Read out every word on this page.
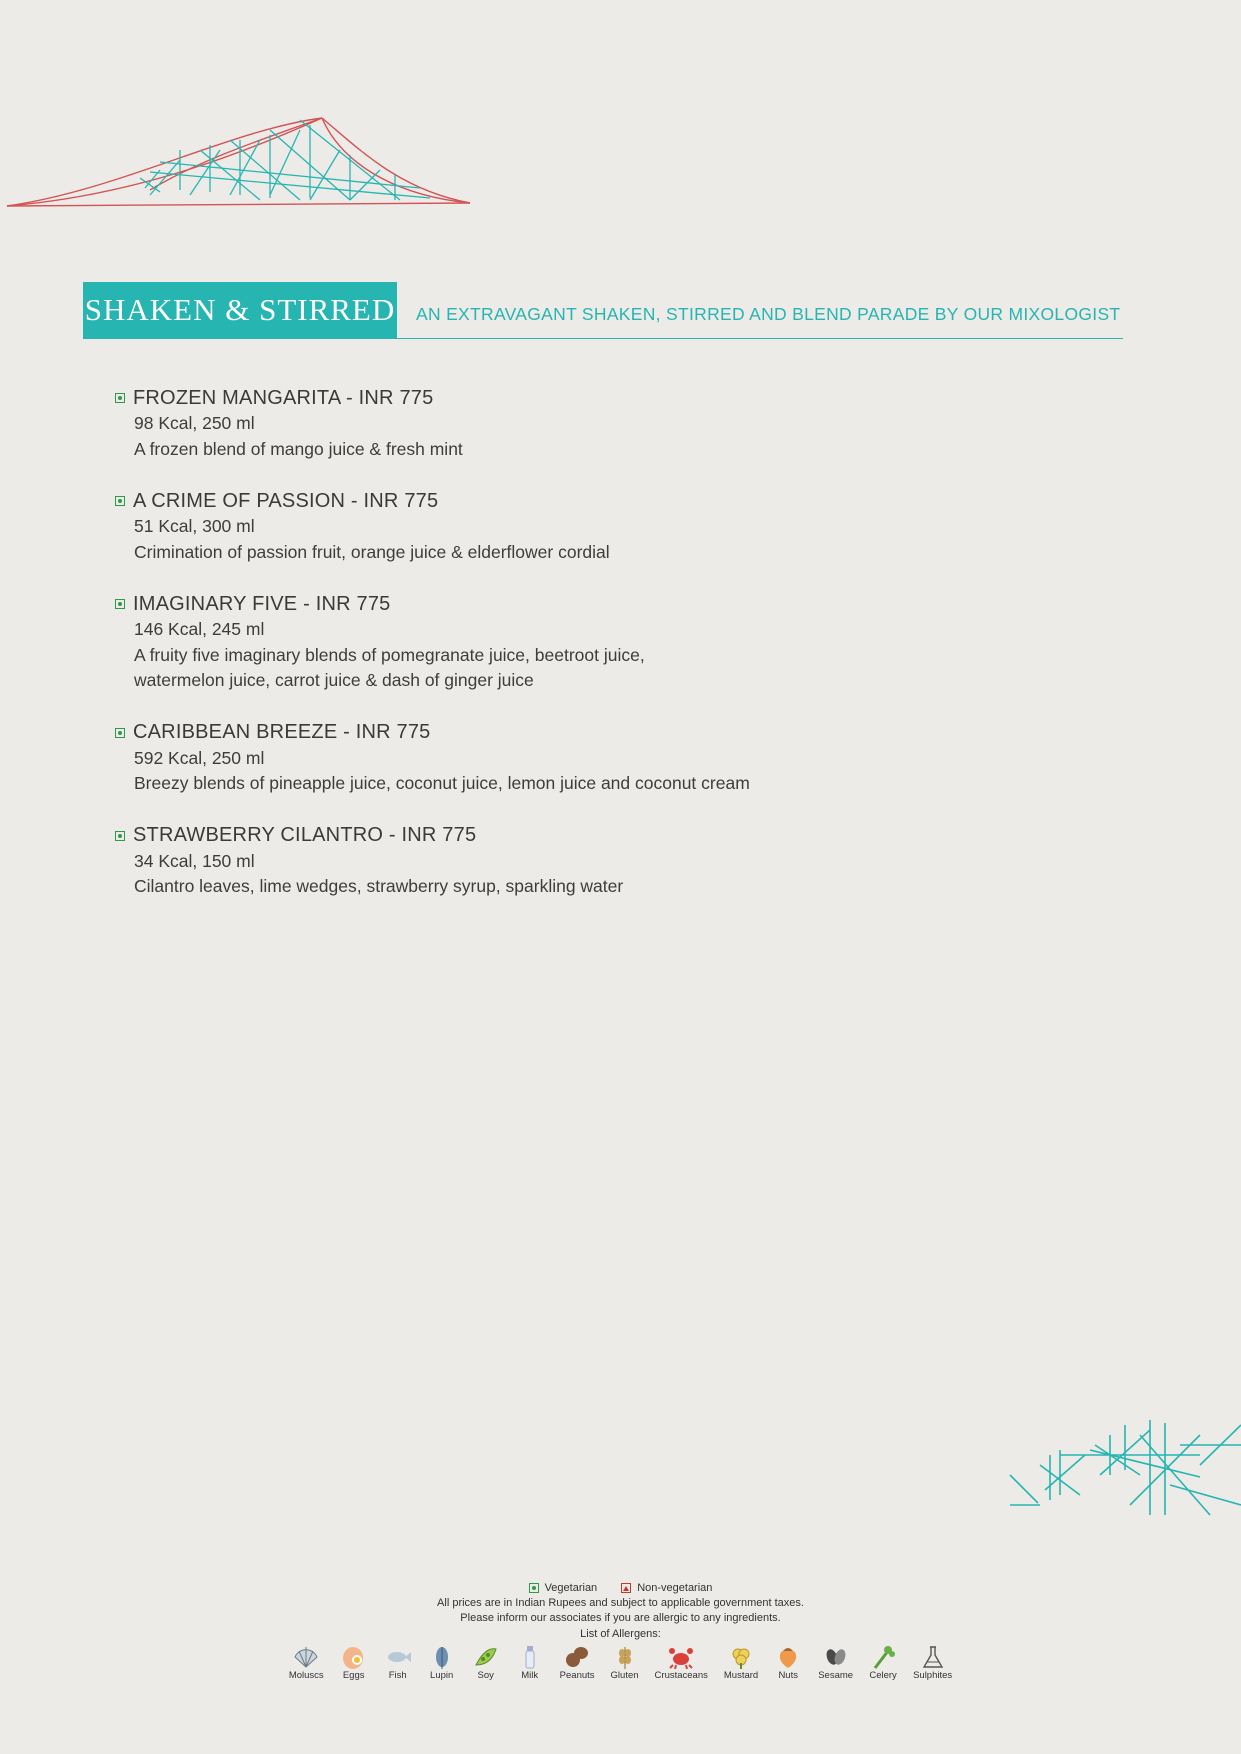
SHAKEN & STIRRED AN EXTRAVAGANT SHAKEN, STIRRED AND BLEND PARADE BY OUR MIXOLOGIST
FROZEN MANGARITA - INR 775
98 Kcal, 250 ml
A frozen blend of mango juice & fresh mint
A CRIME OF PASSION - INR 775
51 Kcal, 300 ml
Crimination of passion fruit, orange juice & elderflower cordial
IMAGINARY FIVE - INR 775
146 Kcal, 245 ml
A fruity five imaginary blends of pomegranate juice, beetroot juice,
watermelon juice, carrot juice & dash of ginger juice
CARIBBEAN BREEZE - INR 775
592 Kcal, 250 ml
Breezy blends of pineapple juice, coconut juice, lemon juice and coconut cream
STRAWBERRY CILANTRO - INR 775
34 Kcal, 150 ml
Cilantro leaves, lime wedges, strawberry syrup, sparkling water
Vegetarian	Non-vegetarian
All prices are in Indian Rupees and subject to applicable government taxes.
Please inform our associates if you are allergic to any ingredients.
List of Allergens:
Moluscs Eggs	Fish Lupin	Soy	Milk Peanuts Gluten Crustaceans Mustard Nuts Sesame Celery Sulphites
